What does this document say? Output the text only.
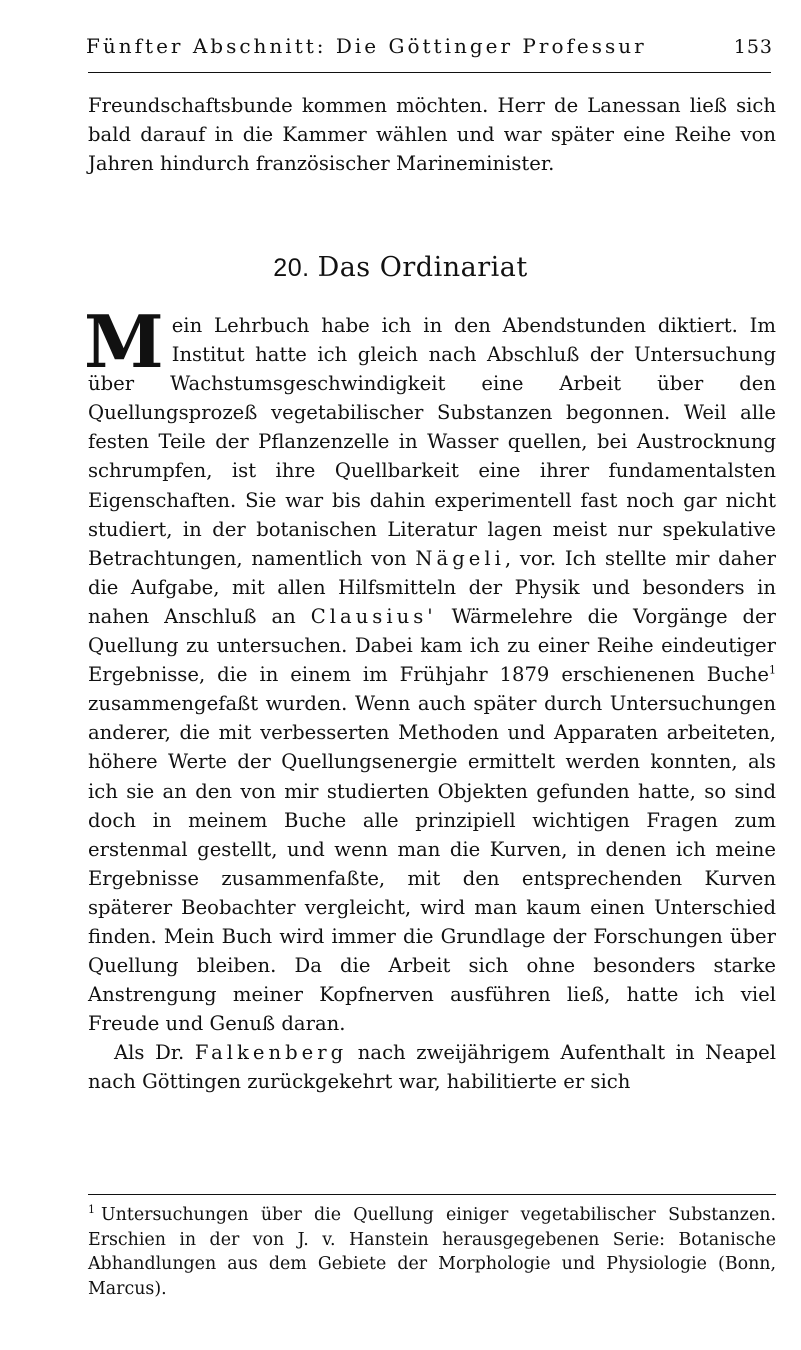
Fünfter Abschnitt: Die Göttinger Professur	153

Freundschaftsbunde kommen möchten. Herr de Lanessan ließ sich bald darauf in die Kammer wählen und war später eine Reihe von Jahren hindurch französischer Marineminister.

20. Das Ordinariat

Mein Lehrbuch habe ich in den Abendstunden diktiert. Im Institut hatte ich gleich nach Abschluß der Untersuchung über Wachstumsgeschwindigkeit eine Arbeit über den Quellungsprozeß vegetabilischer Substanzen begonnen. Weil alle festen Teile der Pflanzenzelle in Wasser quellen, bei Austrocknung schrumpfen, ist ihre Quellbarkeit eine ihrer fundamentalsten Eigenschaften. Sie war bis dahin experimentell fast noch gar nicht studiert, in der botanischen Literatur lagen meist nur spekulative Betrachtungen, namentlich von Nägeli, vor. Ich stellte mir daher die Aufgabe, mit allen Hilfsmitteln der Physik und besonders in nahen Anschluß an Clausius' Wärmelehre die Vorgänge der Quellung zu untersuchen. Dabei kam ich zu einer Reihe eindeutiger Ergebnisse, die in einem im Frühjahr 1879 erschienenen Buche$^1$ zusammengefaßt wurden. Wenn auch später durch Untersuchungen anderer, die mit verbesserten Methoden und Apparaten arbeiteten, höhere Werte der Quellungsenergie ermittelt werden konnten, als ich sie an den von mir studierten Objekten gefunden hatte, so sind doch in meinem Buche alle prinzipiell wichtigen Fragen zum erstenmal gestellt, und wenn man die Kurven, in denen ich meine Ergebnisse zusammenfaßte, mit den entsprechenden Kurven späterer Beobachter vergleicht, wird man kaum einen Unterschied finden. Mein Buch wird immer die Grundlage der Forschungen über Quellung bleiben. Da die Arbeit sich ohne besonders starke Anstrengung meiner Kopfnerven ausführen ließ, hatte ich viel Freude und Genuß daran.

Als Dr. Falkenberg nach zweijährigem Aufenthalt in Neapel nach Göttingen zurückgekehrt war, habilitierte er sich

$^1$ Untersuchungen über die Quellung einiger vegetabilischer Substanzen. Erschien in der von J. v. Hanstein herausgegebenen Serie: Botanische Abhandlungen aus dem Gebiete der Morphologie und Physiologie (Bonn, Marcus).
